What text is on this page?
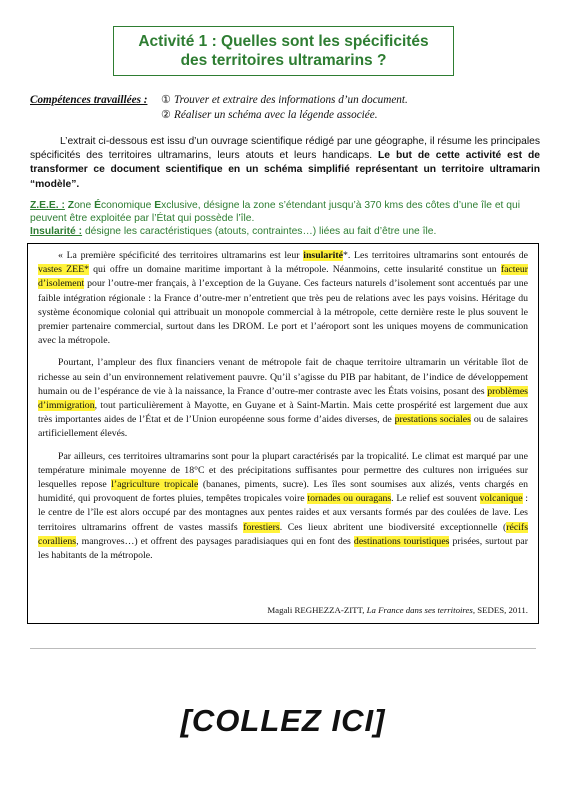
Activité 1 : Quelles sont les spécificités
des territoires ultramarins ?
Compétences travaillées : ① Trouver et extraire des informations d’un document.
② Réaliser un schéma avec la légende associée.
L’extrait ci-dessous est issu d’un ouvrage scientifique rédigé par une géographe, il résume les principales spécificités des territoires ultramarins, leurs atouts et leurs handicaps. Le but de cette activité est de transformer ce document scientifique en un schéma simplifié représentant un territoire ultramarin “modèle”.
Z.E.E. : Zone Économique Exclusive, désigne la zone s’étendant jusqu’à 370 kms des côtes d’une île et qui peuvent être exploitée par l’État qui possède l’île.
Insularité : désigne les caractéristiques (atouts, contraintes…) liées au fait d’être une île.

« La première spécificité des territoires ultramarins est leur insularité*. Les territoires ultramarins sont entourés de vastes ZEE* qui offre un domaine maritime important à la métropole. Néanmoins, cette insularité constitue un facteur d’isolement pour l’outre-mer français, à l’exception de la Guyane. Ces facteurs naturels d’isolement sont accentués par une faible intégration régionale : la France d’outre-mer n’entretient que très peu de relations avec les pays voisins. Héritage du système économique colonial qui attribuait un monopole commercial à la métropole, cette dernière reste le plus souvent le premier partenaire commercial, surtout dans les DROM. Le port et l’aéroport sont les uniques moyens de communication avec la métropole.

Pourtant, l’ampleur des flux financiers venant de métropole fait de chaque territoire ultramarin un véritable îlot de richesse au sein d’un environnement relativement pauvre. Qu’il s’agisse du PIB par habitant, de l’indice de développement humain ou de l’espérance de vie à la naissance, la France d’outre-mer contraste avec les États voisins, posant des problèmes d’immigration, tout particulièrement à Mayotte, en Guyane et à Saint-Martin. Mais cette prospérité est largement due aux très importantes aides de l’État et de l’Union européenne sous forme d’aides diverses, de prestations sociales ou de salaires artificiellement élevés.

Par ailleurs, ces territoires ultramarins sont pour la plupart caractérisés par la tropicalité. Le climat est marqué par une température minimale moyenne de 18°C et des précipitations suffisantes pour permettre des cultures non irriguées sur lesquelles repose l’agriculture tropicale (bananes, piments, sucre). Les îles sont soumises aux alizés, vents chargés en humidité, qui provoquent de fortes pluies, tempêtes tropicales voire tornades ou ouragans. Le relief est souvent volcanique : le centre de l’île est alors occupé par des montagnes aux pentes raides et aux versants formés par des coulées de lave. Les territoires ultramarins offrent de vastes massifs forestiers. Ces lieux abritent une biodiversité exceptionnelle (récifs coralliens, mangroves…) et offrent des paysages paradisiaques qui en font des destinations touristiques prisées, surtout par les habitants de la métropole.

Magali REGHEZZA-ZITT, La France dans ses territoires, SEDES, 2011.
[COLLEZ ICI]
